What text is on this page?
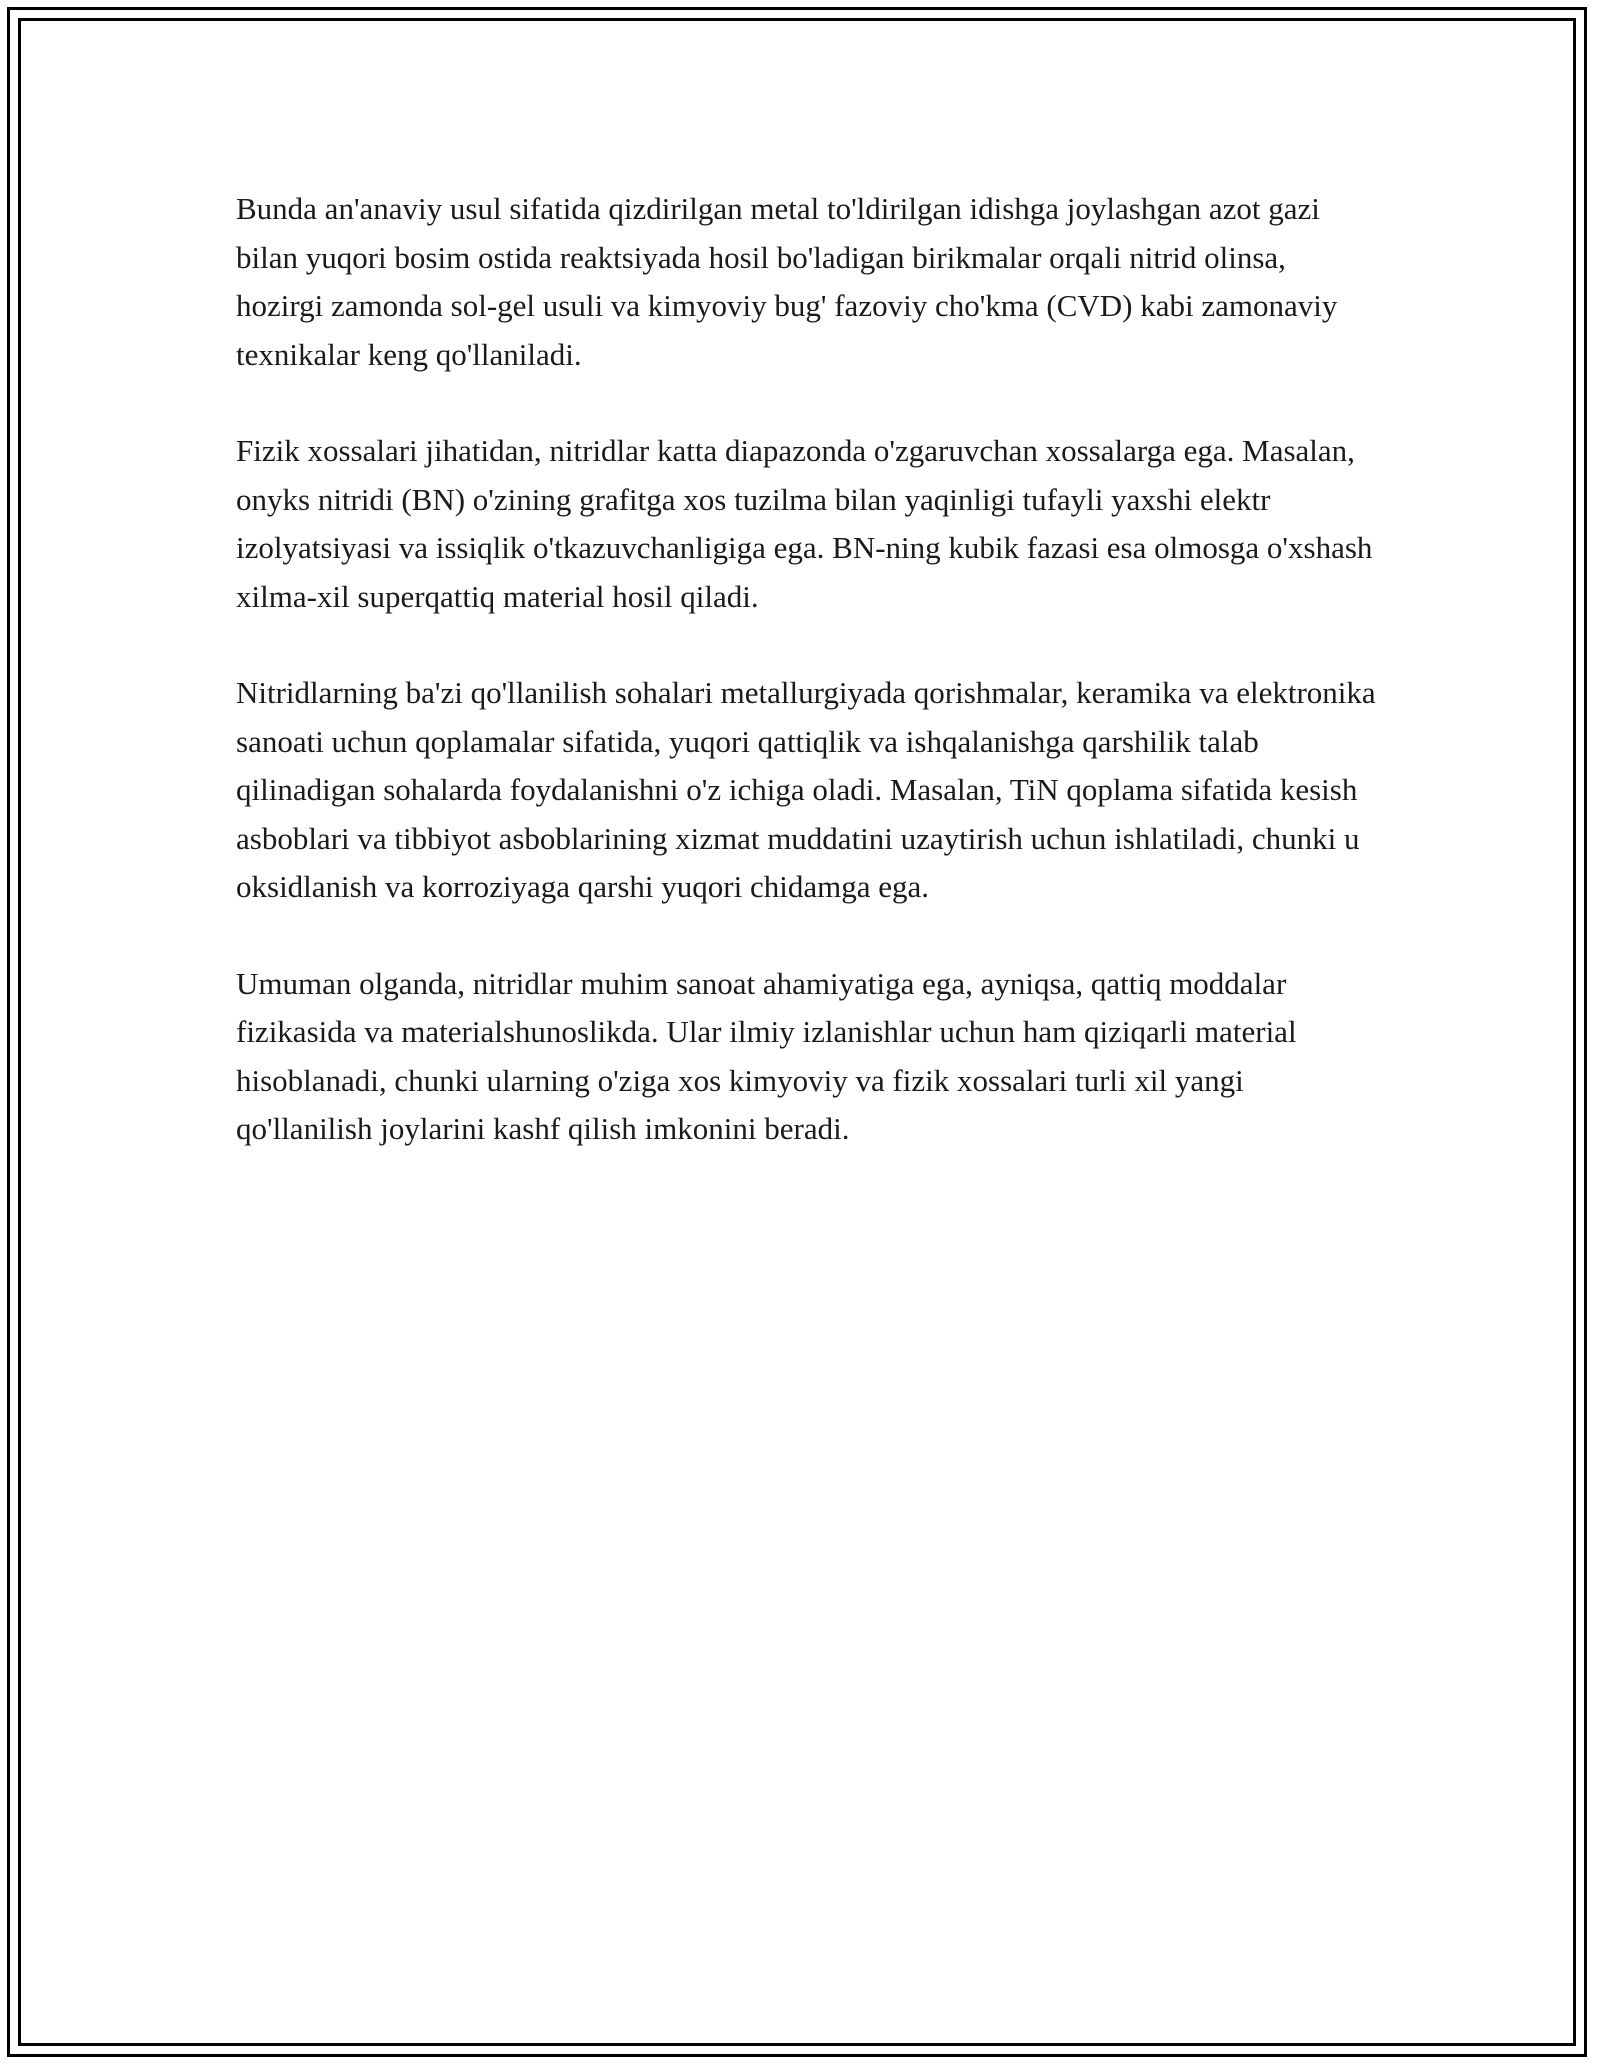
Bunda an'anaviy usul sifatida qizdirilgan metal to'ldirilgan idishga joylashgan azot gazi bilan yuqori bosim ostida reaktsiyada hosil bo'ladigan birikmalar orqali nitrid olinsa, hozirgi zamonda sol-gel usuli va kimyoviy bug' fazoviy cho'kma (CVD) kabi zamonaviy texnikalar keng qo'llaniladi.

Fizik xossalari jihatidan, nitridlar katta diapazonda o'zgaruvchan xossalarga ega. Masalan, onyks nitridi (BN) o'zining grafitga xos tuzilma bilan yaqinligi tufayli yaxshi elektr izolyatsiyasi va issiqlik o'tkazuvchanligiga ega. BN-ning kubik fazasi esa olmosga o'xshash xilma-xil superqattiq material hosil qiladi.

Nitridlarning ba'zi qo'llanilish sohalari metallurgiyada qorishmalar, keramika va elektronika sanoati uchun qoplamalar sifatida, yuqori qattiqlik va ishqalanishga qarshilik talab qilinadigan sohalarda foydalanishni o'z ichiga oladi. Masalan, TiN qoplama sifatida kesish asboblari va tibbiyot asboblarining xizmat muddatini uzaytirish uchun ishlatiladi, chunki u oksidlanish va korroziyaga qarshi yuqori chidamga ega.

Umuman olganda, nitridlar muhim sanoat ahamiyatiga ega, ayniqsa, qattiq moddalar fizikasida va materialshunoslikda. Ular ilmiy izlanishlar uchun ham qiziqarli material hisoblanadi, chunki ularning o'ziga xos kimyoviy va fizik xossalari turli xil yangi qo'llanilish joylarini kashf qilish imkonini beradi.
